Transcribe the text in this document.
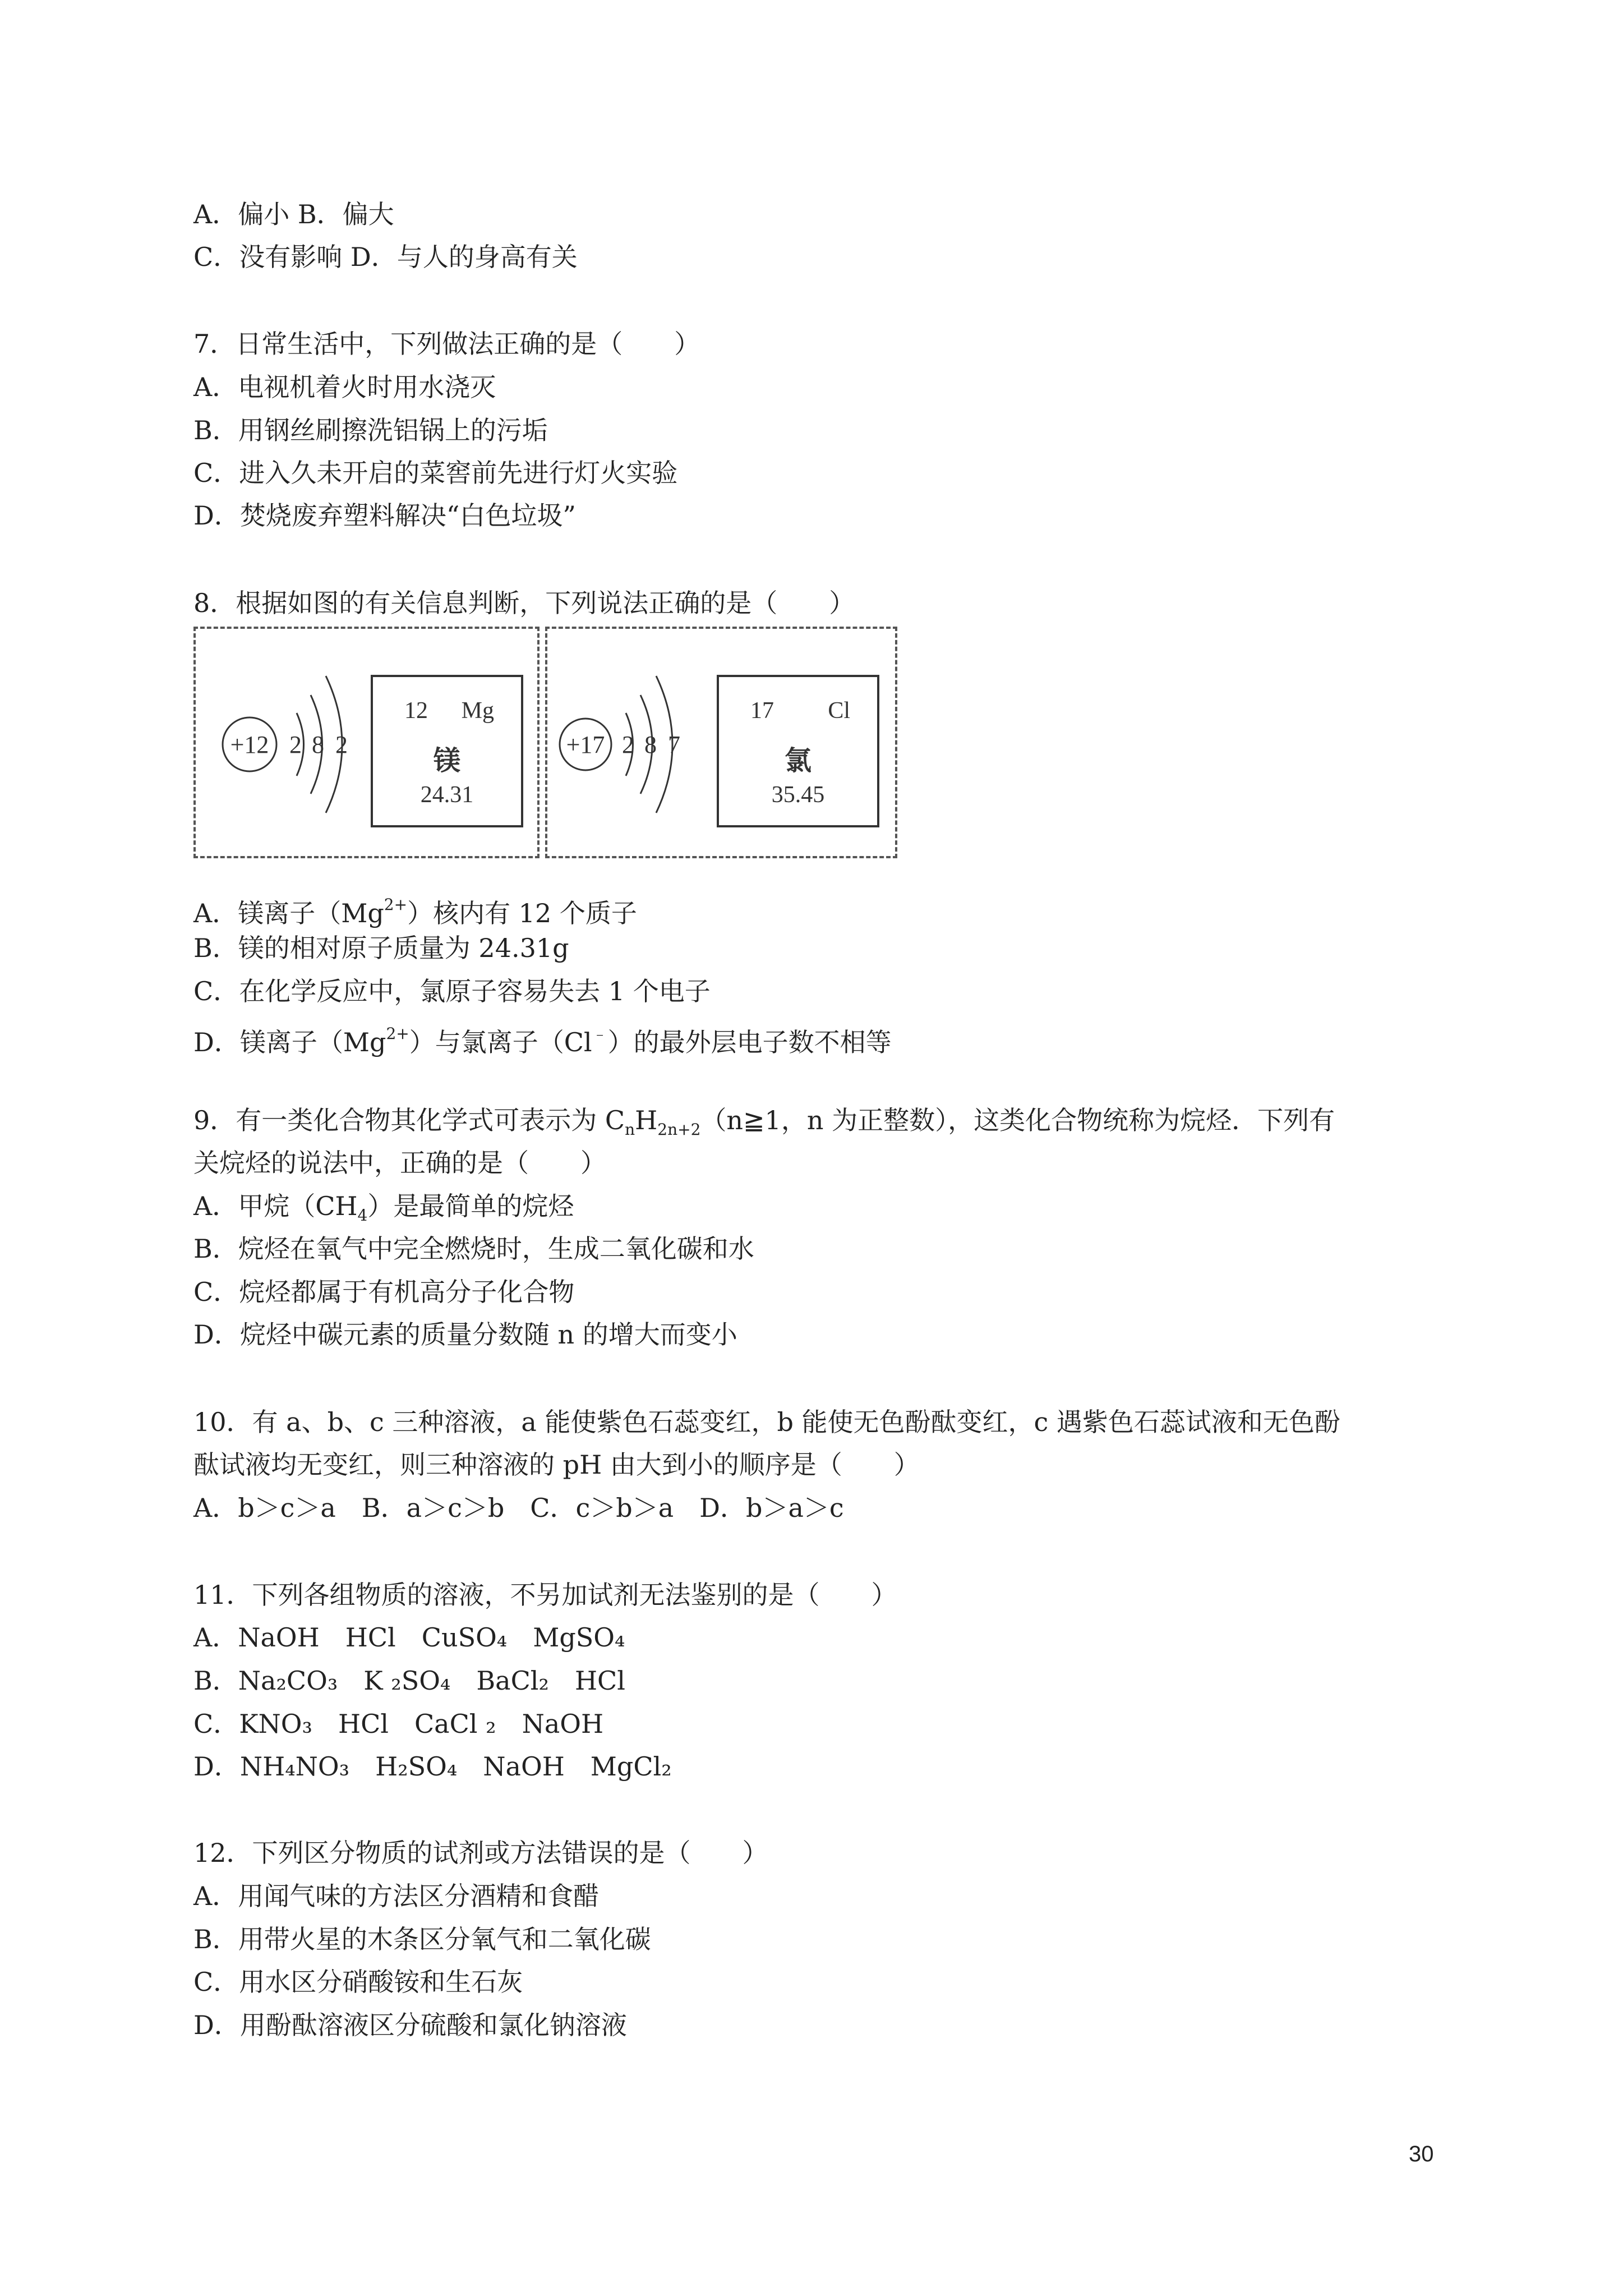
A．偏小 B．偏大
C．没有影响 D．与人的身高有关
7．日常生活中，下列做法正确的是（　　）
A．电视机着火时用水浇灭
B．用钢丝刷擦洗铝锅上的污垢
C．进入久未开启的菜窖前先进行灯火实验
D．焚烧废弃塑料解决“白色垃圾”
8．根据如图的有关信息判断，下列说法正确的是（　　）
+12 2 8 2
12 Mg
镁
24.31
+17 2 8 7
17 Cl
氯
35.45
A．镁离子$(Mg^{2+})$核内有 12 个质子
B．镁的相对原子质量为 24.31g
C．在化学反应中，氯原子容易失去 1 个电子
D．镁离子$(Mg^{2+})$与氯离子（Cl﹣）的最外层电子数不相等
9．有一类化合物其化学式可表示为 $C_nH_{2n+2}(n≧1$，n 为正整数），这类化合物统称为烷烃．下列有
关烷烃的说法中，正确的是（　　）
A．甲烷$(CH_4)$是最简单的烷烃
B．烷烃在氧气中完全燃烧时，生成二氧化碳和水
C．烷烃都属于有机高分子化合物
D．烷烃中碳元素的质量分数随 n 的增大而变小
10．有 a、b、c 三种溶液，a 能使紫色石蕊变红，b 能使无色酚酞变红，c 遇紫色石蕊试液和无色酚
酞试液均无变红，则三种溶液的 pH 由大到小的顺序是（　　）
A．b＞c＞a　B．a＞c＞b　C．c＞b＞a　D．b＞a＞c
11．下列各组物质的溶液，不另加试剂无法鉴别的是（　　）
A．NaOH　HCl　CuSO₄　MgSO₄
B．Na₂CO₃　K ₂SO₄　BaCl₂　HCl
C．KNO₃　HCl　CaCl ₂　NaOH
D．NH₄NO₃　H₂SO₄　NaOH　MgCl₂
12．下列区分物质的试剂或方法错误的是（　　）
A．用闻气味的方法区分酒精和食醋
B．用带火星的木条区分氧气和二氧化碳
C．用水区分硝酸铵和生石灰
D．用酚酞溶液区分硫酸和氯化钠溶液
30
